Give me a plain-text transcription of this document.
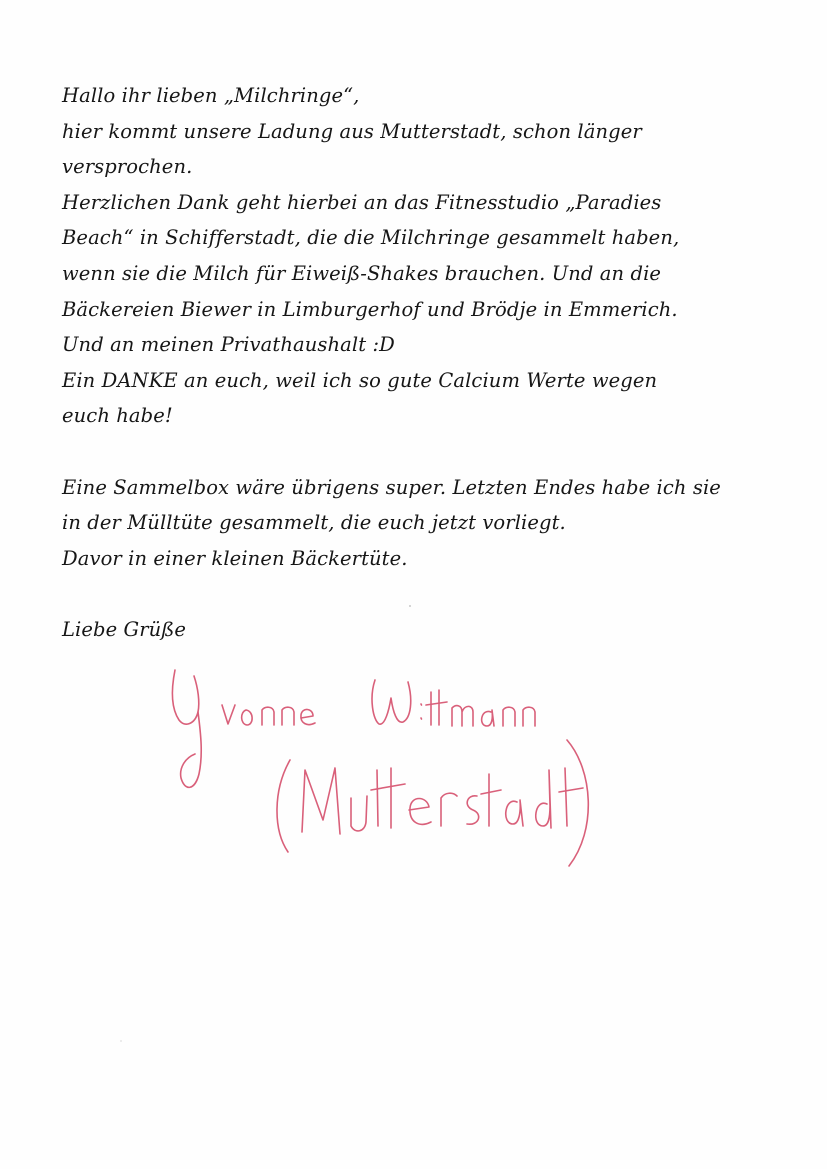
Hallo ihr lieben „Milchringe“,
hier kommt unsere Ladung aus Mutterstadt, schon länger
versprochen.
Herzlichen Dank geht hierbei an das Fitnesstudio „Paradies
Beach“ in Schifferstadt, die die Milchringe gesammelt haben,
wenn sie die Milch für Eiweiß-Shakes brauchen. Und an die
Bäckereien Biewer in Limburgerhof und Brödje in Emmerich.
Und an meinen Privathaushalt :D
Ein DANKE an euch, weil ich so gute Calcium Werte wegen
euch habe!
Eine Sammelbox wäre übrigens super. Letzten Endes habe ich sie
in der Mülltüte gesammelt, die euch jetzt vorliegt.
Davor in einer kleinen Bäckertüte.
Liebe Grüße
